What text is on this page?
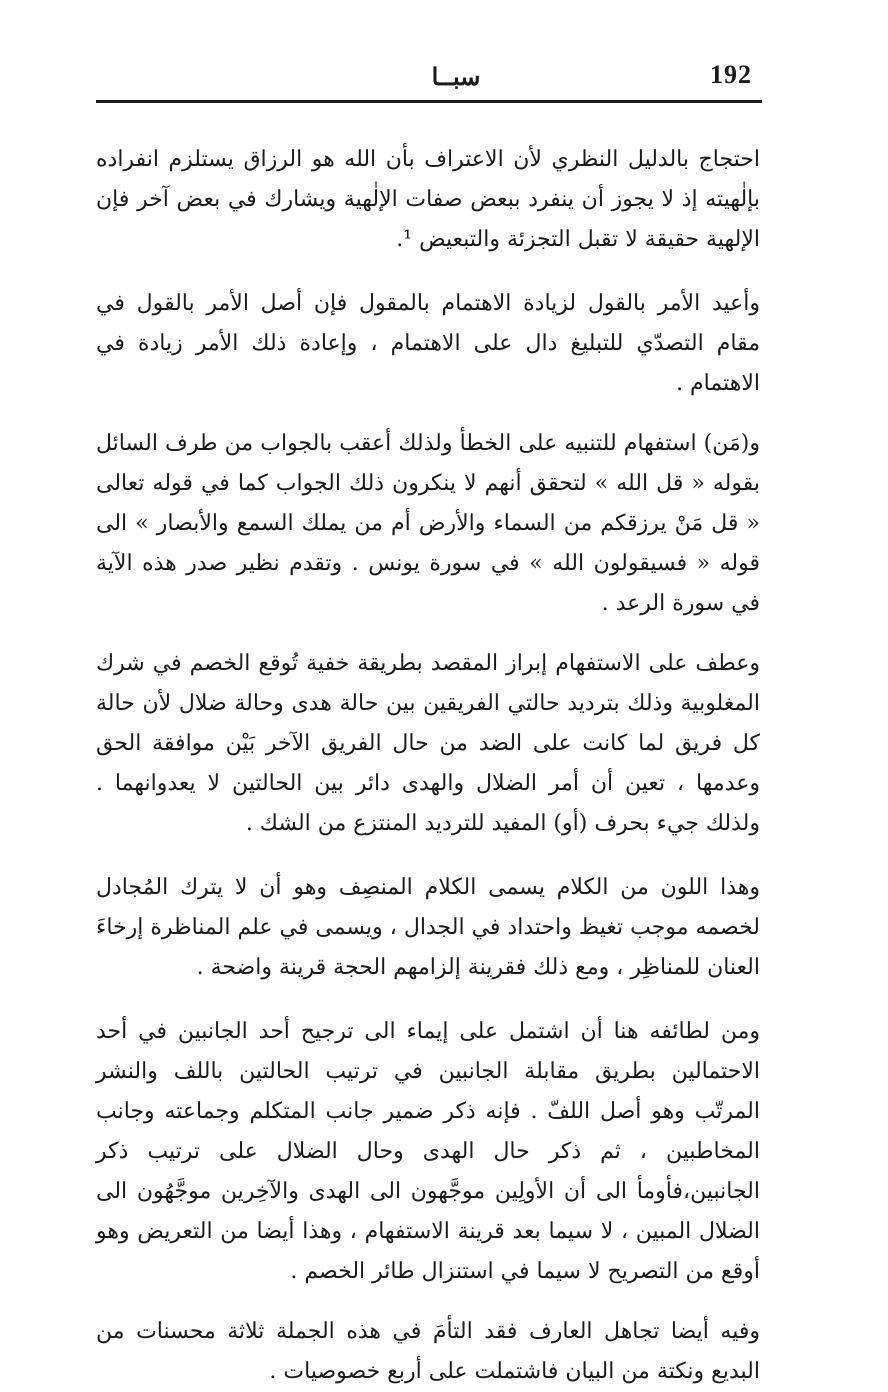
سبــا	192

احتجاج بالدليل النظري لأن الاعتراف بأن الله هو الرزاق يستلزم انفراده بإلٰهيته إذ لا يجوز أن ينفرد ببعض صفات الإلٰهية ويشارك في بعض آخر فإن الإلهية حقيقة لا تقبل التجزئة والتبعيض ¹.

وأعيد الأمر بالقول لزيادة الاهتمام بالمقول فإن أصل الأمر بالقول في مقام التصدّي للتبليغ دال على الاهتمام ، وإعادة ذلك الأمر زيادة في الاهتمام .

و(مَن) استفهام للتنبيه على الخطأ ولذلك أعقب بالجواب من طرف السائل بقوله « قل الله » لتحقق أنهم لا ينكرون ذلك الجواب كما في قوله تعالى « قل مَنْ يرزقكم من السماء والأرض أم من يملك السمع والأبصار » الى قوله « فسيقولون الله » في سورة يونس . وتقدم نظير صدر هذه الآية في سورة الرعد .

وعطف على الاستفهام إبراز المقصد بطريقة خفية تُوقع الخصم في شرك المغلوبية وذلك بترديد حالتي الفريقين بين حالة هدى وحالة ضلال لأن حالة كل فريق لما كانت على الضد من حال الفريق الآخر بَيْن موافقة الحق وعدمها ، تعين أن أمر الضلال والهدى دائر بين الحالتين لا يعدوانهما . ولذلك جيء بحرف (أو) المفيد للترديد المنتزع من الشك .

وهذا اللون من الكلام يسمى الكلام المنصِف وهو أن لا يترك المُجادل لخصمه موجب تغيظ واحتداد في الجدال ، ويسمى في علم المناظرة إرخاءَ العنان للمناظِر ، ومع ذلك فقرينة إلزامهم الحجة قرينة واضحة .

ومن لطائفه هنا أن اشتمل على إيماء الى ترجيح أحد الجانبين في أحد الاحتمالين بطريق مقابلة الجانبين في ترتيب الحالتين باللف والنشر المرتّب وهو أصل اللفّ . فإنه ذكر ضمير جانب المتكلم وجماعته وجانب المخاطبين ، ثم ذكر حال الهدى وحال الضلال على ترتيب ذكر الجانبين،فأومأ الى أن الأولِين موجَّهون الى الهدى والآخِرين موجَّهُون الى الضلال المبين ، لا سيما بعد قرينة الاستفهام ، وهذا أيضا من التعريض وهو أوقع من التصريح لا سيما في استنزال طائر الخصم .

وفيه أيضا تجاهل العارف فقد التأمَ في هذه الجملة ثلاثة محسنات من البديع ونكتة من البيان فاشتملت على أربع خصوصيات .
